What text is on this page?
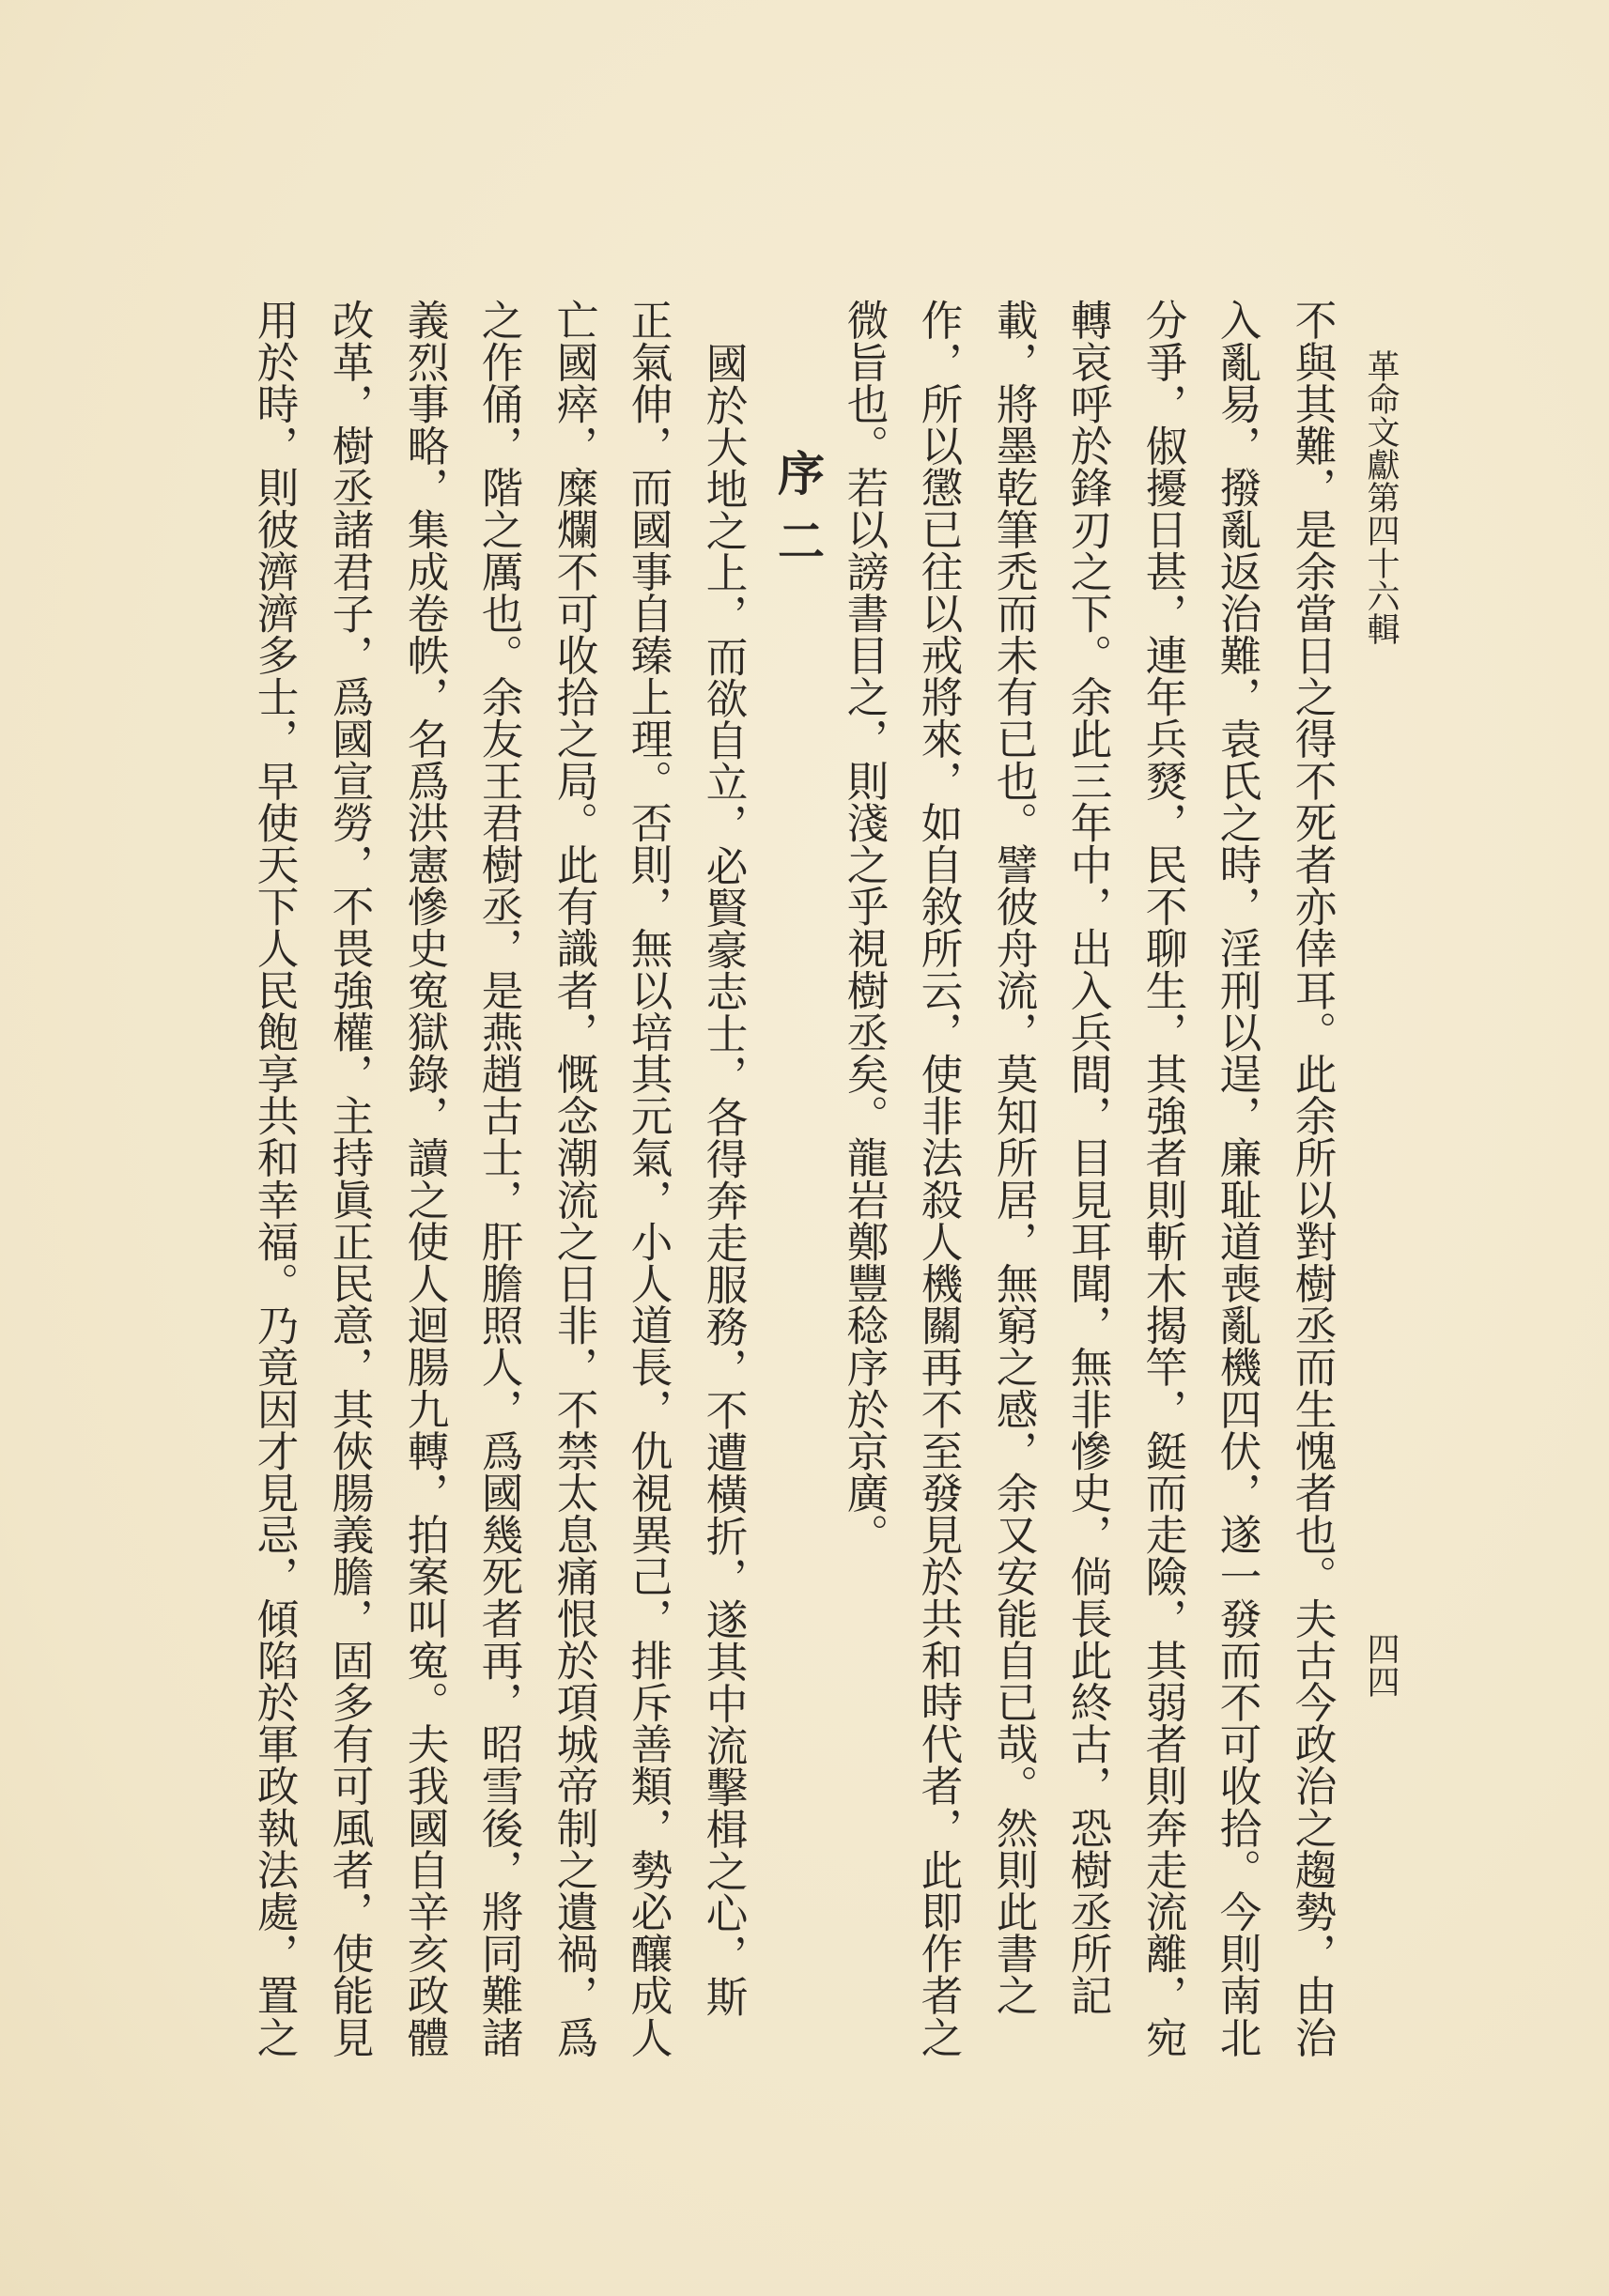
革命文獻第四十六輯
四四
不與其難，是余當日之得不死者亦倖耳。此余所以對樹丞而生愧者也。夫古今政治之趨勢，由治
入亂易，撥亂返治難，袁氏之時，淫刑以逞，廉耻道喪亂機四伏，遂一發而不可收拾。今則南北
分爭，俶擾日甚，連年兵燹，民不聊生，其強者則斬木揭竿，鋌而走險，其弱者則奔走流離，宛
轉哀呼於鋒刃之下。余此三年中，出入兵間，目見耳聞，無非慘史，倘長此終古，恐樹丞所記
載，將墨乾筆禿而未有已也。譬彼舟流，莫知所居，無窮之感，余又安能自已哉。然則此書之
作，所以懲已往以戒將來，如自敘所云，使非法殺人機關再不至發見於共和時代者，此即作者之
微旨也。若以謗書目之，則淺之乎視樹丞矣。龍岩鄭豐稔序於京廣。
序二
國於大地之上，而欲自立，必賢豪志士，各得奔走服務，不遭橫折，遂其中流擊楫之心，斯
正氣伸，而國事自臻上理。否則，無以培其元氣，小人道長，仇視異己，排斥善類，勢必釀成人
亡國瘁，糜爛不可收拾之局。此有識者，慨念潮流之日非，不禁太息痛恨於項城帝制之遺禍，爲
之作俑，階之厲也。余友王君樹丞，是燕趙古士，肝膽照人，爲國幾死者再，昭雪後，將同難諸
義烈事略，集成卷帙，名爲洪憲慘史寃獄錄，讀之使人迴腸九轉，拍案叫寃。夫我國自辛亥政體
改革，樹丞諸君子，爲國宣勞，不畏強權，主持眞正民意，其俠腸義膽，固多有可風者，使能見
用於時，則彼濟濟多士，早使天下人民飽享共和幸福。乃竟因才見忌，傾陷於軍政執法處，置之
